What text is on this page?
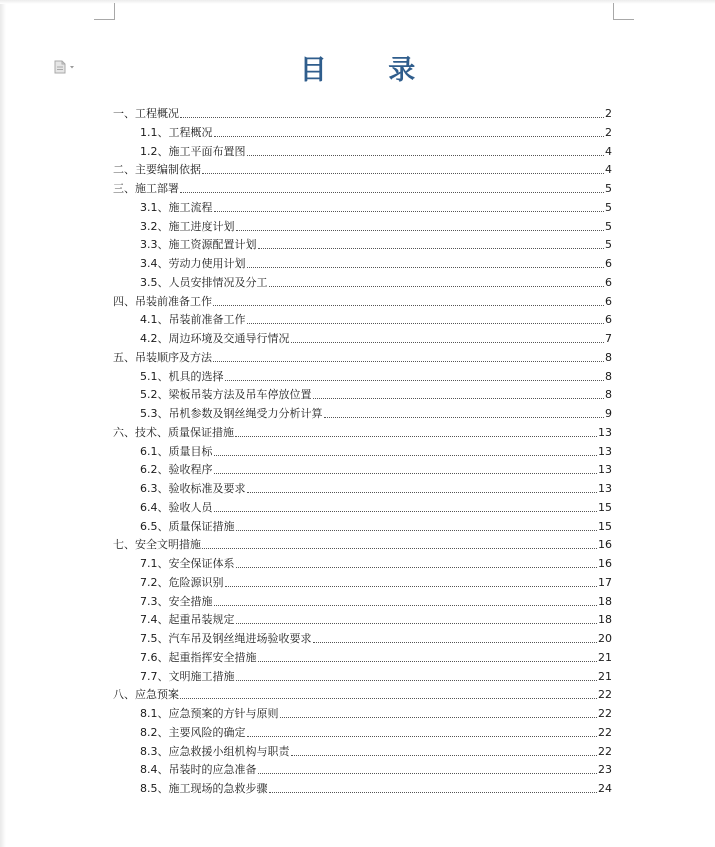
目 录
一、工程概况	2
1.1、工程概况	2
1.2、施工平面布置图	4
二、主要编制依据	4
三、施工部署	5
3.1、施工流程	5
3.2、施工进度计划	5
3.3、施工资源配置计划	5
3.4、劳动力使用计划	6
3.5、人员安排情况及分工	6
四、吊装前准备工作	6
4.1、吊装前准备工作	6
4.2、周边环境及交通导行情况	7
五、吊装顺序及方法	8
5.1、机具的选择	8
5.2、梁板吊装方法及吊车停放位置	8
5.3、吊机参数及钢丝绳受力分析计算	9
六、技术、质量保证措施	13
6.1、质量目标	13
6.2、验收程序	13
6.3、验收标准及要求	13
6.4、验收人员	15
6.5、质量保证措施	15
七、安全文明措施	16
7.1、安全保证体系	16
7.2、危险源识别	17
7.3、安全措施	18
7.4、起重吊装规定	18
7.5、汽车吊及钢丝绳进场验收要求	20
7.6、起重指挥安全措施	21
7.7、文明施工措施	21
八、应急预案	22
8.1、应急预案的方针与原则	22
8.2、主要风险的确定	22
8.3、应急救援小组机构与职责	22
8.4、吊装时的应急准备	23
8.5、施工现场的急救步骤	24
